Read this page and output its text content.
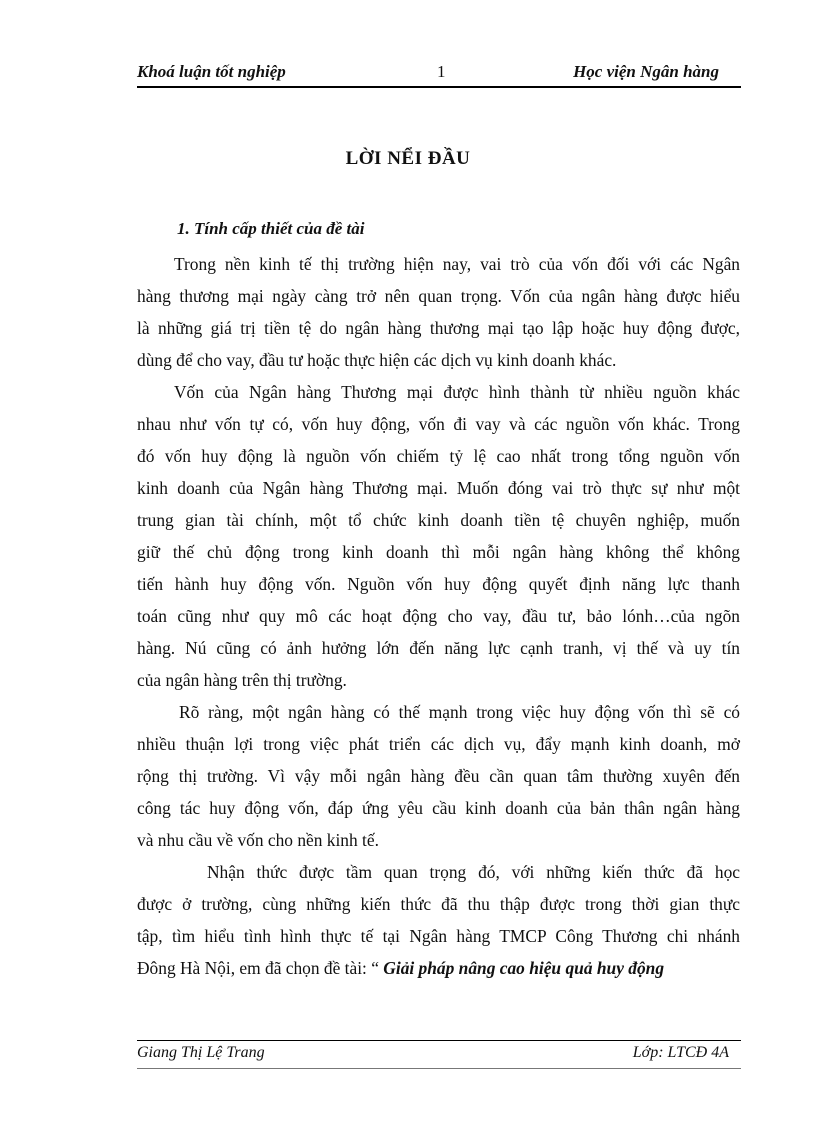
Khoá luận tốt nghiệp	1	Học viện Ngân hàng
LỜI NỂI ĐẦU
1. Tính cấp thiết của đề tài

Trong nền kinh tế thị trường hiện nay, vai trò của vốn đối với các Ngân
hàng thương mại ngày càng trở nên quan trọng. Vốn của ngân hàng được hiểu
là những giá trị tiền tệ do ngân hàng thương mại tạo lập hoặc huy động được,
dùng để cho vay, đầu tư hoặc thực hiện các dịch vụ kinh doanh khác.

Vốn của Ngân hàng Thương mại được hình thành từ nhiều nguồn khác
nhau như vốn tự có, vốn huy động, vốn đi vay và các nguồn vốn khác. Trong
đó vốn huy động là nguồn vốn chiếm tỷ lệ cao nhất trong tổng nguồn vốn
kinh doanh của Ngân hàng Thương mại. Muốn đóng vai trò thực sự như một
trung gian tài chính, một tổ chức kinh doanh tiền tệ chuyên nghiệp, muốn
giữ thế chủ động trong kinh doanh thì mỗi ngân hàng không thể không
tiến hành huy động vốn. Nguồn vốn huy động quyết định năng lực thanh
toán cũng như quy mô các hoạt động cho vay, đầu tư, bảo lónh…của ngõn
hàng. Nú cũng có ảnh hưởng lớn đến năng lực cạnh tranh, vị thế và uy tín
của ngân hàng trên thị trường.

Rõ ràng, một ngân hàng có thế mạnh trong việc huy động vốn thì sẽ có
nhiều thuận lợi trong việc phát triển các dịch vụ, đẩy mạnh kinh doanh, mở
rộng thị trường. Vì vậy mỗi ngân hàng đều cần quan tâm thường xuyên đến
công tác huy động vốn, đáp ứng yêu cầu kinh doanh của bản thân ngân hàng
và nhu cầu về vốn cho nền kinh tế.

Nhận thức được tầm quan trọng đó, với những kiến thức đã học
được ở trường, cùng những kiến thức đã thu thập được trong thời gian thực
tập, tìm hiểu tình hình thực tế tại Ngân hàng TMCP Công Thương chi nhánh
Đông Hà Nội, em đã chọn đề tài: “ Giải pháp nâng cao hiệu quả huy động

Giang Thị Lệ Trang	Lớp: LTCĐ 4A
